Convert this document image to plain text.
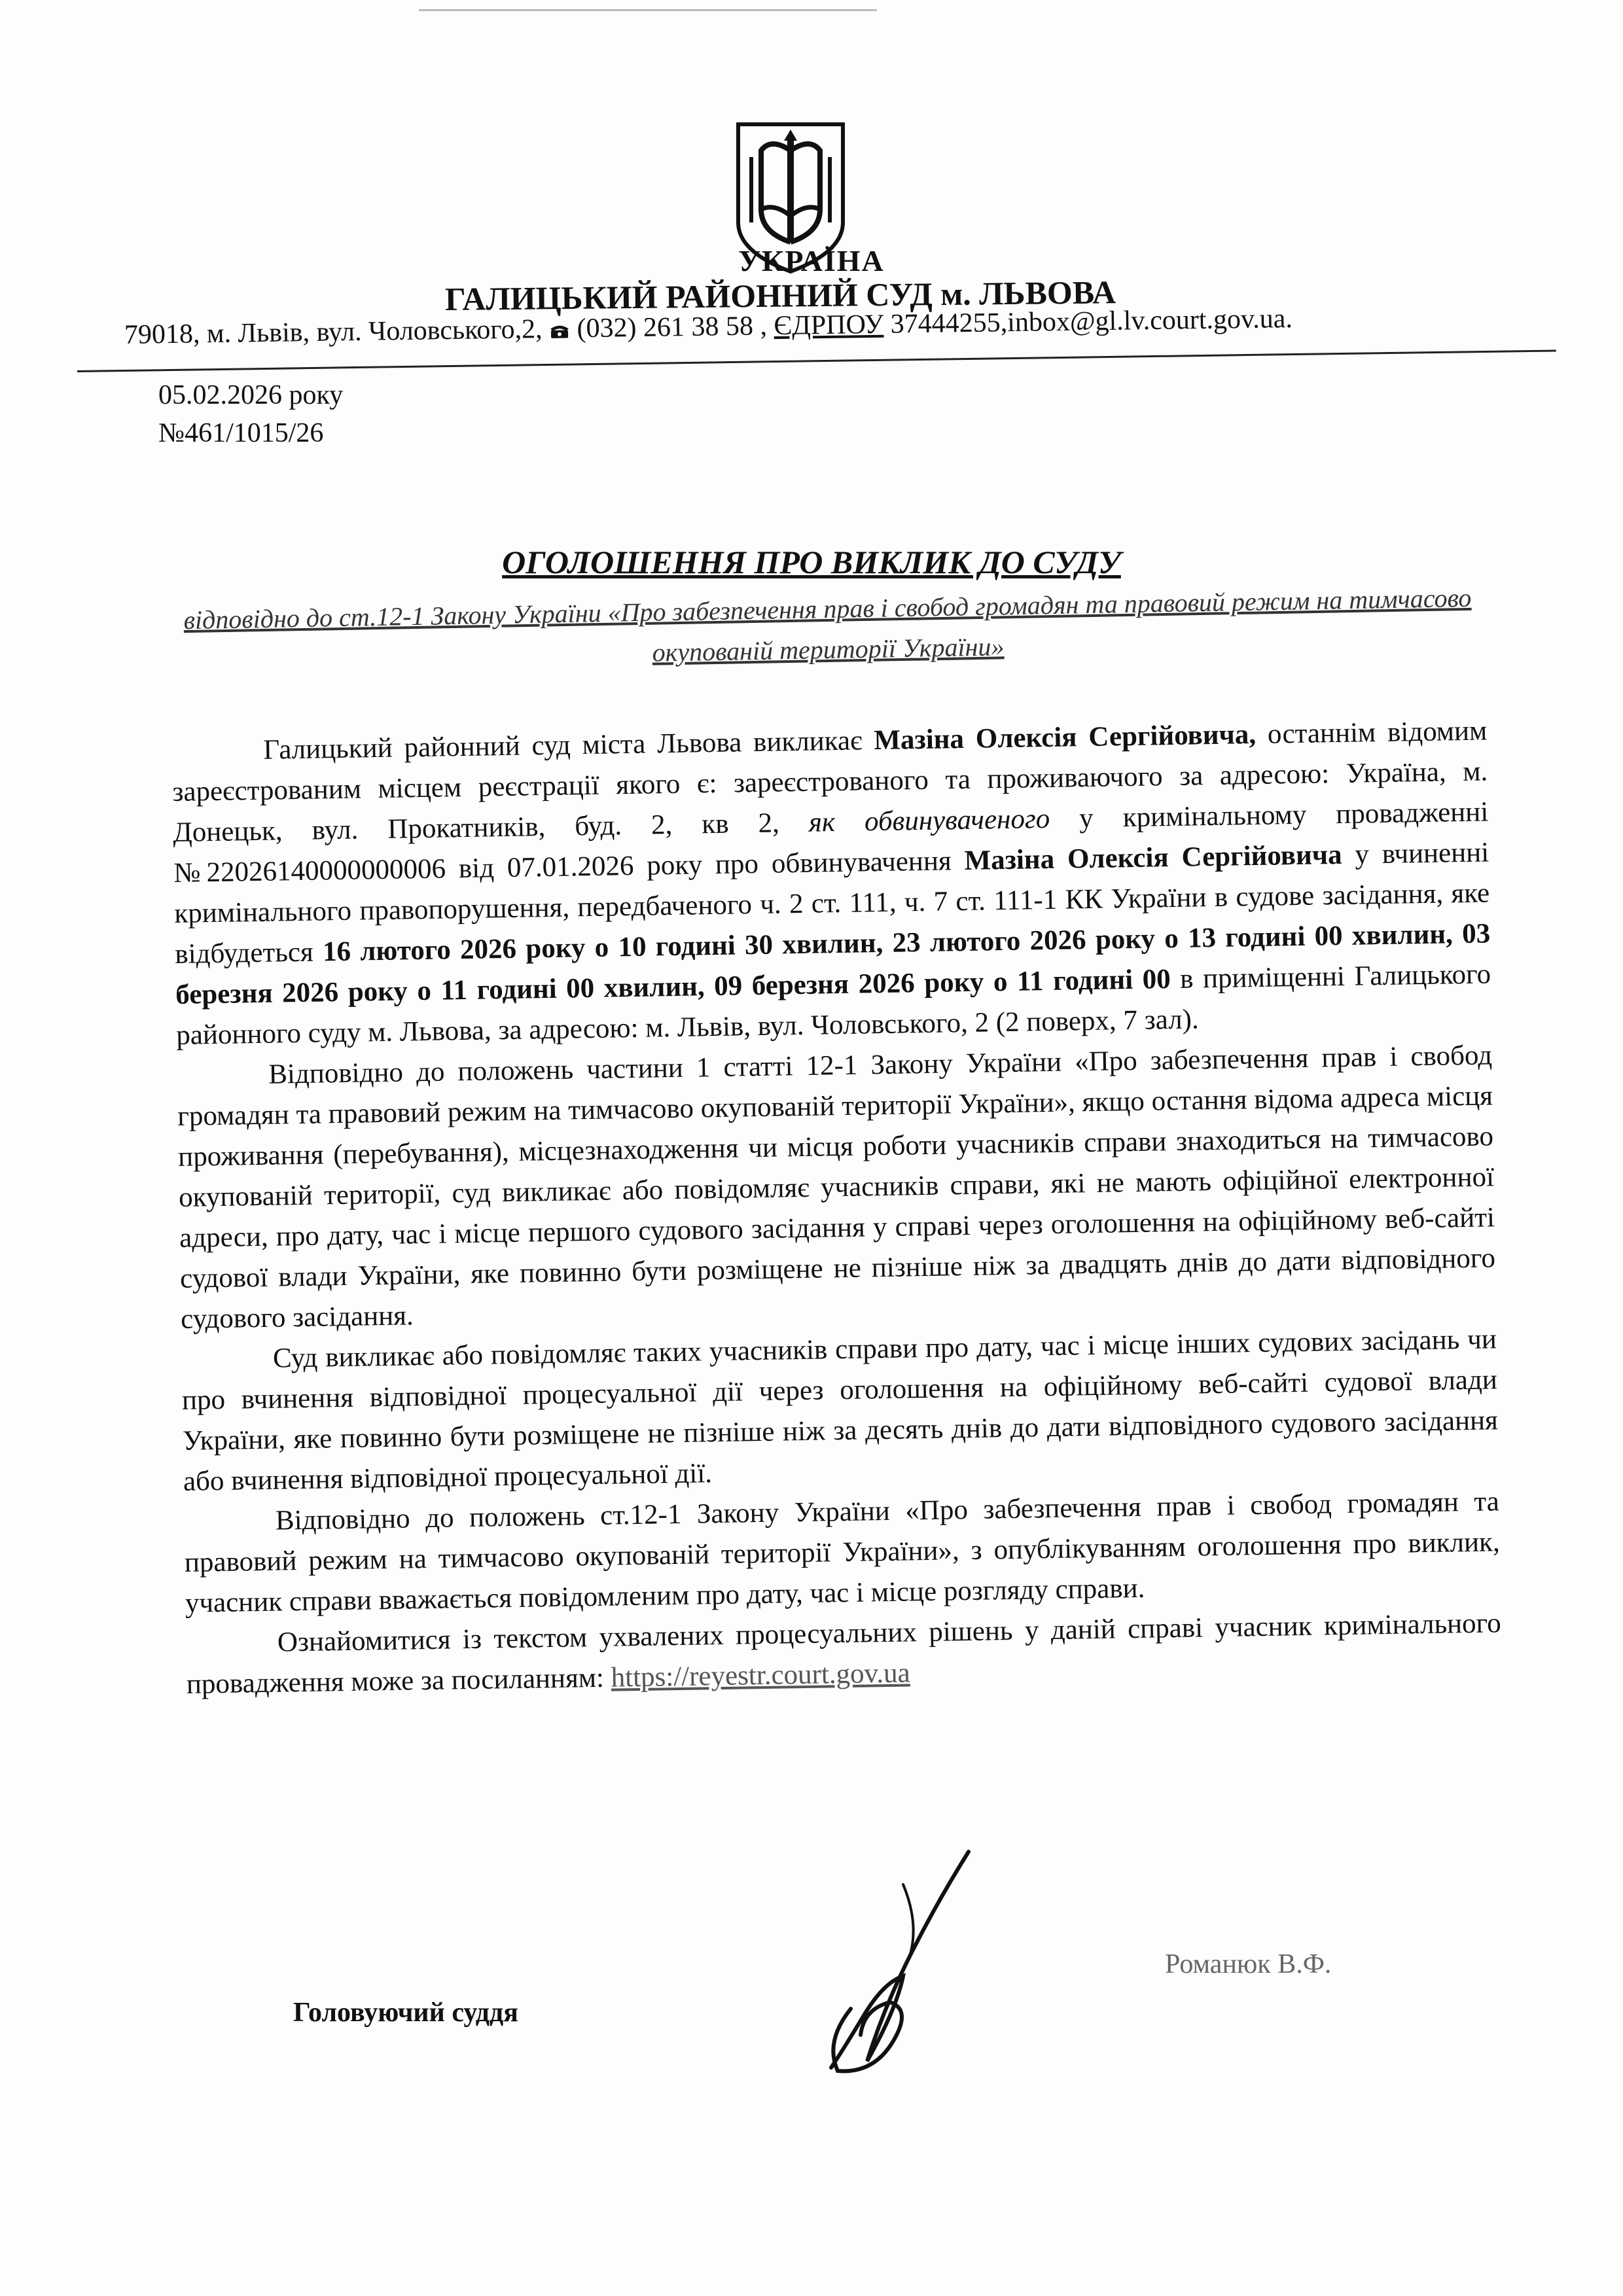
УКРАЇНА
ГАЛИЦЬКИЙ РАЙОННИЙ СУД м. ЛЬВОВА
79018, м. Львів, вул. Чоловського,2, (032) 261 38 58 , ЄДРПОУ 37444255,inbox@gl.lv.court.gov.ua.
05.02.2026 року
№461/1015/26
ОГОЛОШЕННЯ ПРО ВИКЛИК ДО СУДУ
відповідно до ст.12-1 Закону України «Про забезпечення прав і свобод громадян та правовий режим на тимчасово окупованій території України»

Галицький районний суд міста Львова викликає Мазіна Олексія Сергійовича, останнім відомим зареєстрованим місцем реєстрації якого є: зареєстрованого та проживаючого за адресою: Україна, м. Донецьк, вул. Прокатників, буд. 2, кв 2, як обвинуваченого у кримінальному провадженні №22026140000000006 від 07.01.2026 року про обвинувачення Мазіна Олексія Сергійовича у вчиненні кримінального правопорушення, передбаченого ч. 2 ст. 111, ч. 7 ст. 111-1 КК України в судове засідання, яке відбудеться 16 лютого 2026 року о 10 годині 30 хвилин, 23 лютого 2026 року о 13 годині 00 хвилин, 03 березня 2026 року о 11 годині 00 хвилин, 09 березня 2026 року о 11 годині 00 в приміщенні Галицького районного суду м. Львова, за адресою: м. Львів, вул. Чоловського, 2 (2 поверх, 7 зал).

Відповідно до положень частини 1 статті 12-1 Закону України «Про забезпечення прав і свобод громадян та правовий режим на тимчасово окупованій території України», якщо остання відома адреса місця проживання (перебування), місцезнаходження чи місця роботи учасників справи знаходиться на тимчасово окупованій території, суд викликає або повідомляє учасників справи, які не мають офіційної електронної адреси, про дату, час і місце першого судового засідання у справі через оголошення на офіційному веб-сайті судової влади України, яке повинно бути розміщене не пізніше ніж за двадцять днів до дати відповідного судового засідання.

Суд викликає або повідомляє таких учасників справи про дату, час і місце інших судових засідань чи про вчинення відповідної процесуальної дії через оголошення на офіційному веб-сайті судової влади України, яке повинно бути розміщене не пізніше ніж за десять днів до дати відповідного судового засідання або вчинення відповідної процесуальної дії.

Відповідно до положень ст.12-1 Закону України «Про забезпечення прав і свобод громадян та правовий режим на тимчасово окупованій території України», з опублікуванням оголошення про виклик, учасник справи вважається повідомленим про дату, час і місце розгляду справи.

Ознайомитися із текстом ухвалених процесуальних рішень у даній справі учасник кримінального провадження може за посиланням: https://reyestr.court.gov.ua

Головуючий суддя
Романюк В.Ф.
